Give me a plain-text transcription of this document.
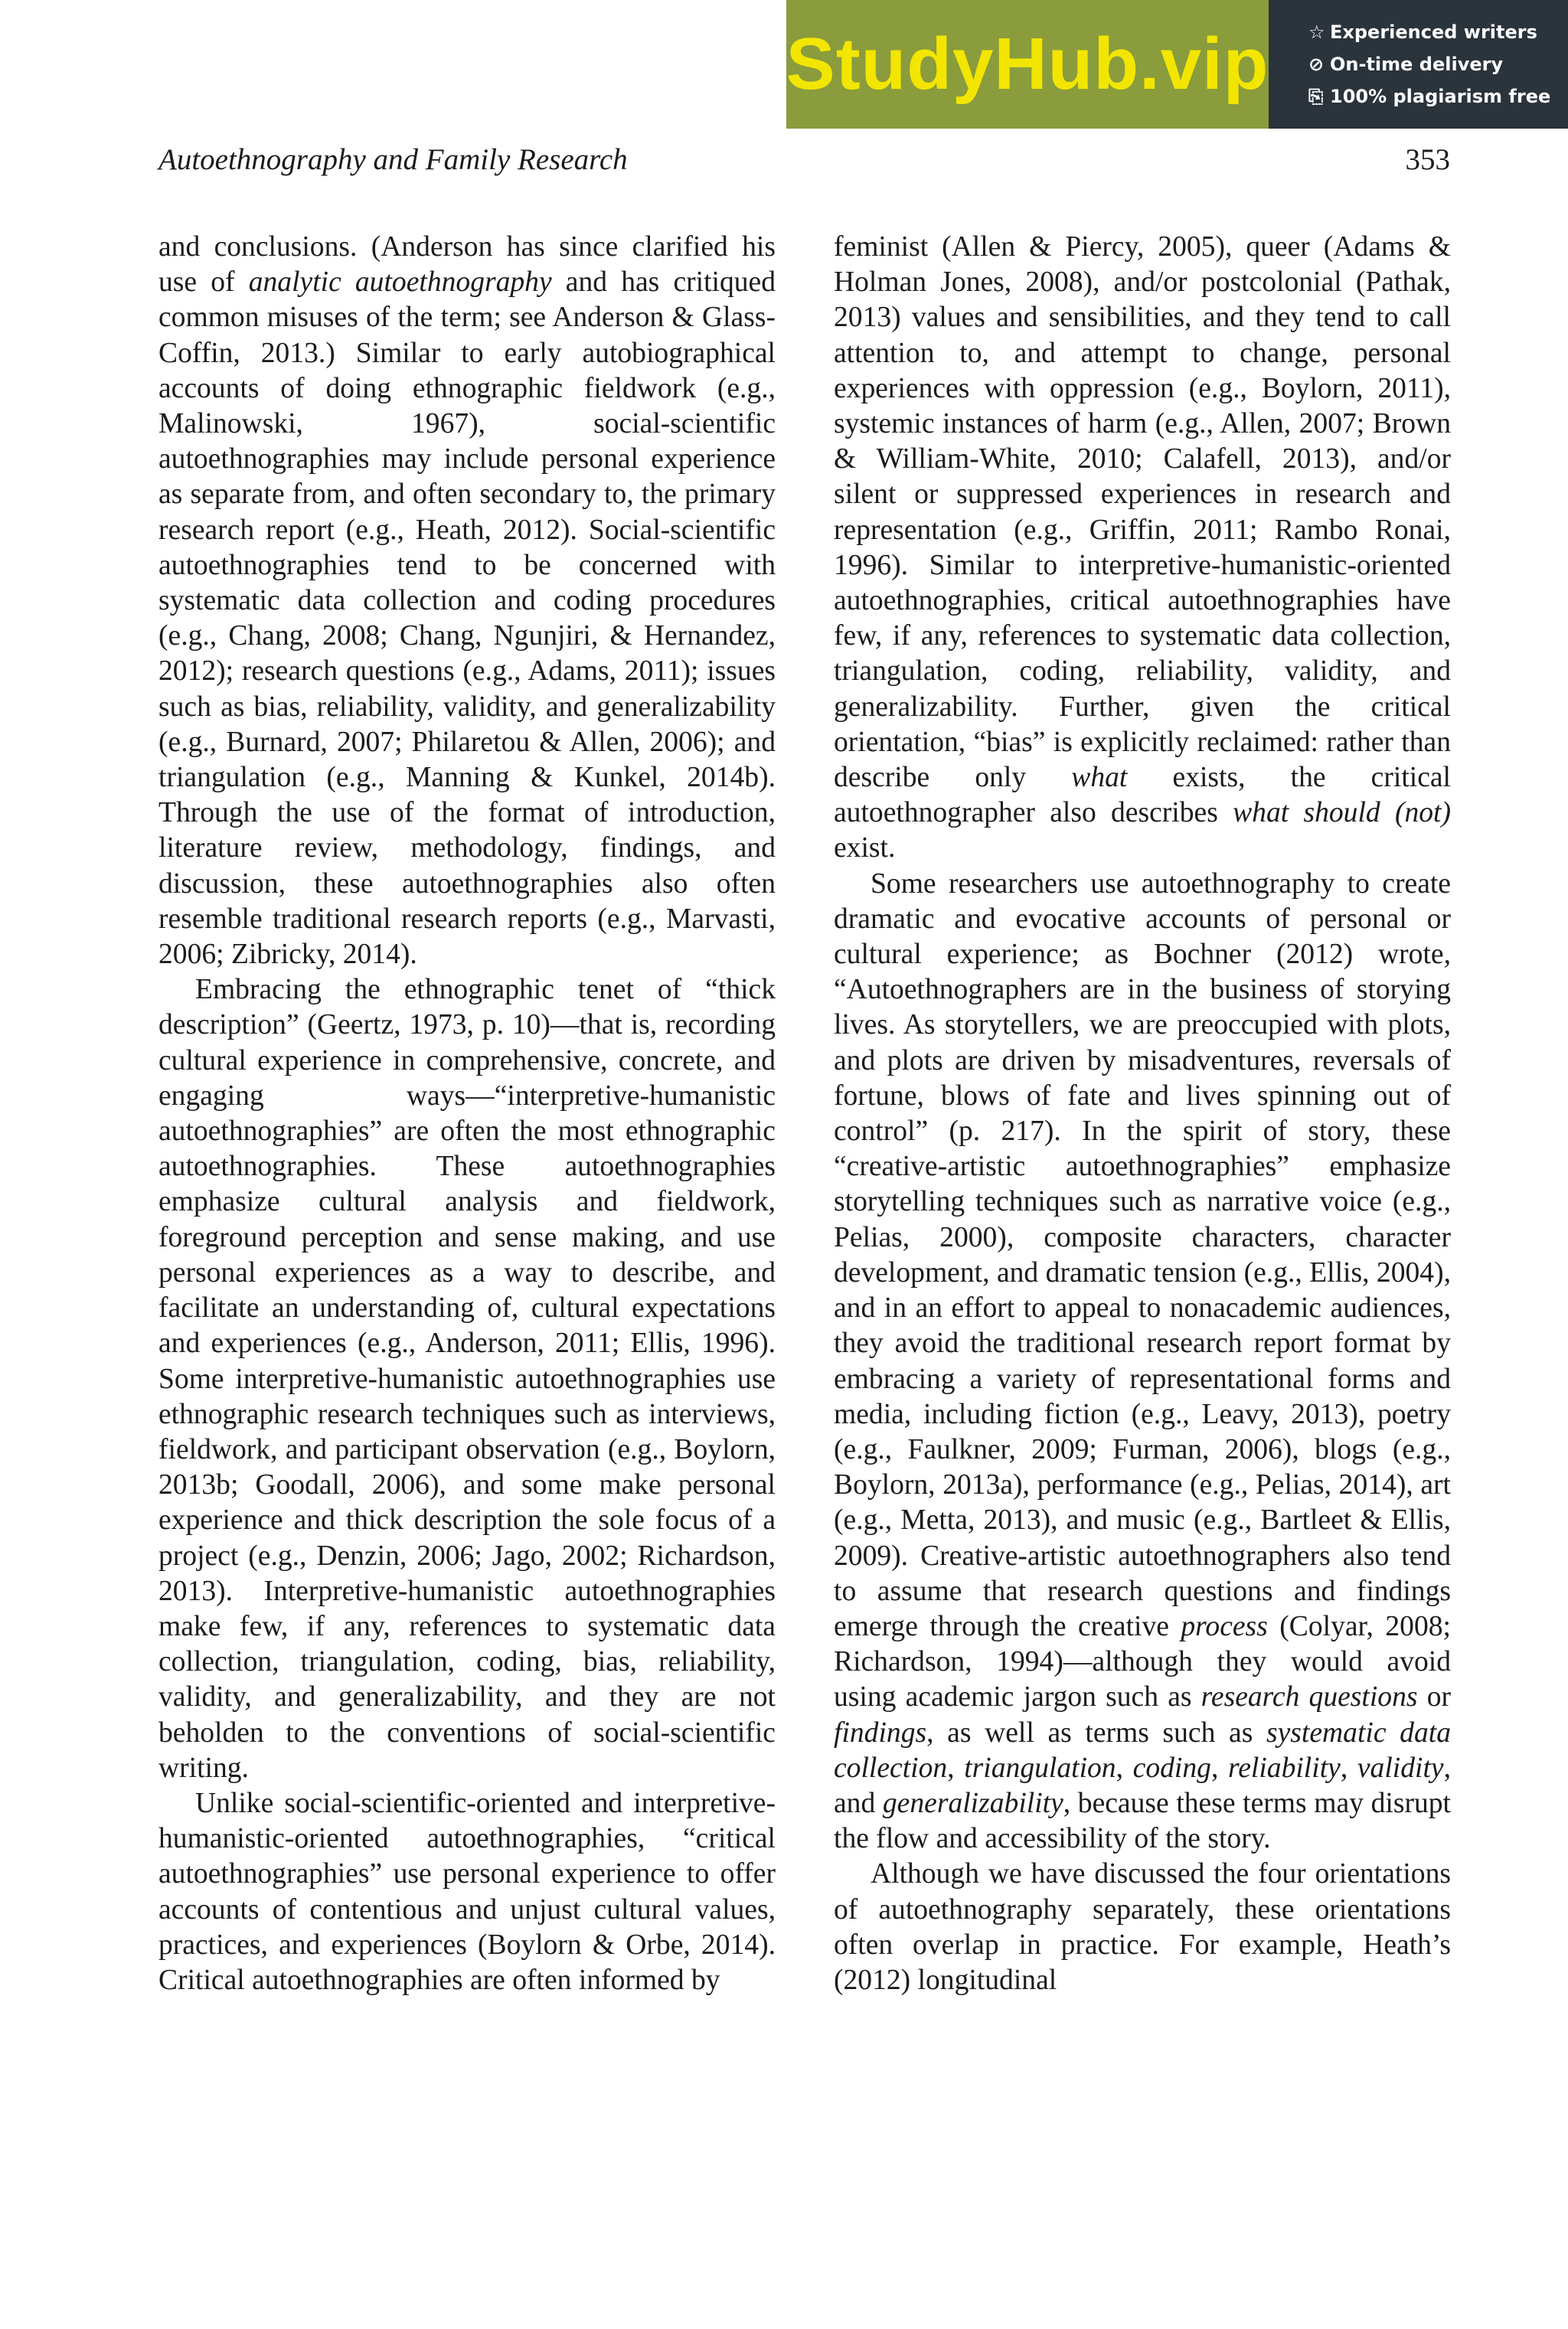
StudyHub.vip ☆ Experienced writers
⊘ On-time delivery
⎘ 100% plagiarism free
Autoethnography and Family Research	353

and conclusions. (Anderson has since clarified his use of analytic autoethnography and has critiqued common misuses of the term; see Anderson & Glass-Coffin, 2013.) Similar to early autobiographical accounts of doing ethnographic fieldwork (e.g., Malinowski, 1967), social-scientific autoethnographies may include personal experience as separate from, and often secondary to, the primary research report (e.g., Heath, 2012). Social-scientific autoethnographies tend to be concerned with systematic data collection and coding procedures (e.g., Chang, 2008; Chang, Ngunjiri, & Hernandez, 2012); research questions (e.g., Adams, 2011); issues such as bias, reliability, validity, and generalizability (e.g., Burnard, 2007; Philaretou & Allen, 2006); and triangulation (e.g., Manning & Kunkel, 2014b). Through the use of the format of introduction, literature review, methodology, findings, and discussion, these autoethnographies also often resemble traditional research reports (e.g., Marvasti, 2006; Zibricky, 2014).

Embracing the ethnographic tenet of “thick description” (Geertz, 1973, p. 10)—that is, recording cultural experience in comprehensive, concrete, and engaging ways—“interpretive-humanistic autoethnographies” are often the most ethnographic autoethnographies. These autoethnographies emphasize cultural analysis and fieldwork, foreground perception and sense making, and use personal experiences as a way to describe, and facilitate an understanding of, cultural expectations and experiences (e.g., Anderson, 2011; Ellis, 1996). Some interpretive-humanistic autoethnographies use ethnographic research techniques such as interviews, fieldwork, and participant observation (e.g., Boylorn, 2013b; Goodall, 2006), and some make personal experience and thick description the sole focus of a project (e.g., Denzin, 2006; Jago, 2002; Richardson, 2013). Interpretive-humanistic autoethnographies make few, if any, references to systematic data collection, triangulation, coding, bias, reliability, validity, and generalizability, and they are not beholden to the conventions of social-scientific writing.

Unlike social-scientific-oriented and interpretive-humanistic-oriented autoethnographies, “critical autoethnographies” use personal experience to offer accounts of contentious and unjust cultural values, practices, and experiences (Boylorn & Orbe, 2014). Critical autoethnographies are often informed by

feminist (Allen & Piercy, 2005), queer (Adams & Holman Jones, 2008), and/or postcolonial (Pathak, 2013) values and sensibilities, and they tend to call attention to, and attempt to change, personal experiences with oppression (e.g., Boylorn, 2011), systemic instances of harm (e.g., Allen, 2007; Brown & William-White, 2010; Calafell, 2013), and/or silent or suppressed experiences in research and representation (e.g., Griffin, 2011; Rambo Ronai, 1996). Similar to interpretive-humanistic-oriented autoethnographies, critical autoethnographies have few, if any, references to systematic data collection, triangulation, coding, reliability, validity, and generalizability. Further, given the critical orientation, “bias” is explicitly reclaimed: rather than describe only what exists, the critical autoethnographer also describes what should (not) exist.

Some researchers use autoethnography to create dramatic and evocative accounts of personal or cultural experience; as Bochner (2012) wrote, “Autoethnographers are in the business of storying lives. As storytellers, we are preoccupied with plots, and plots are driven by misadventures, reversals of fortune, blows of fate and lives spinning out of control” (p. 217). In the spirit of story, these “creative-artistic autoethnographies” emphasize storytelling techniques such as narrative voice (e.g., Pelias, 2000), composite characters, character development, and dramatic tension (e.g., Ellis, 2004), and in an effort to appeal to nonacademic audiences, they avoid the traditional research report format by embracing a variety of representational forms and media, including fiction (e.g., Leavy, 2013), poetry (e.g., Faulkner, 2009; Furman, 2006), blogs (e.g., Boylorn, 2013a), performance (e.g., Pelias, 2014), art (e.g., Metta, 2013), and music (e.g., Bartleet & Ellis, 2009). Creative-artistic autoethnographers also tend to assume that research questions and findings emerge through the creative process (Colyar, 2008; Richardson, 1994)—although they would avoid using academic jargon such as research questions or findings, as well as terms such as systematic data collection, triangulation, coding, reliability, validity, and generalizability, because these terms may disrupt the flow and accessibility of the story.

Although we have discussed the four orientations of autoethnography separately, these orientations often overlap in practice. For example, Heath’s (2012) longitudinal
